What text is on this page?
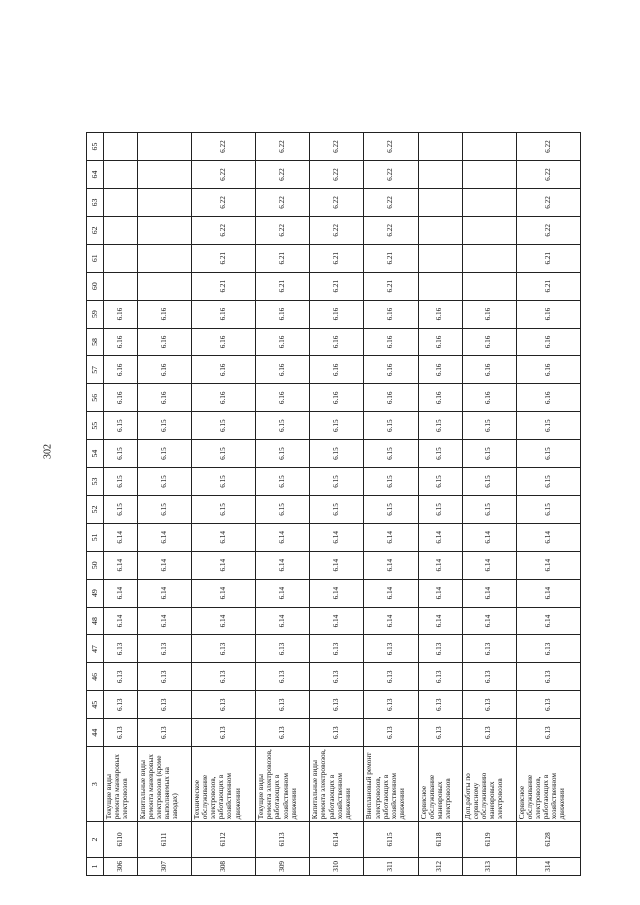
302
1	2	3	44	45	46	47	48	49	50	51	52	53	54	55	56	57	58	59	60	61	62	63	64	65
306	6110	Текущие виды ремонта маневровых электровозов	6.13	6.13	6.13	6.13	6.14	6.14	6.14	6.14	6.15	6.15	6.15	6.15	6.16	6.16	6.16	6.16						
307	6111	Капитальные виды ремонта маневровых электровозов (кроме выполняемых на заводах)	6.13	6.13	6.13	6.13	6.14	6.14	6.14	6.14	6.15	6.15	6.15	6.15	6.16	6.16	6.16	6.16						
308	6112	Техническое обслуживание электровозов, работающих в хозяйственном движении	6.13	6.13	6.13	6.13	6.14	6.14	6.14	6.14	6.15	6.15	6.15	6.15	6.16	6.16	6.16	6.16	6.21	6.21	6.22	6.22	6.22	6.22
309	6113	Текущие виды ремонта электровозов, работающих в хозяйственном движении	6.13	6.13	6.13	6.13	6.14	6.14	6.14	6.14	6.15	6.15	6.15	6.15	6.16	6.16	6.16	6.16	6.21	6.21	6.22	6.22	6.22	6.22
310	6114	Капитальные виды ремонта электровозов, работающих в хозяйственном движении	6.13	6.13	6.13	6.13	6.14	6.14	6.14	6.14	6.15	6.15	6.15	6.15	6.16	6.16	6.16	6.16	6.21	6.21	6.22	6.22	6.22	6.22
311	6115	Внеплановый ремонт электровозов, работающих в хозяйственном движении	6.13	6.13	6.13	6.13	6.14	6.14	6.14	6.14	6.15	6.15	6.15	6.15	6.16	6.16	6.16	6.16	6.21	6.21	6.22	6.22	6.22	6.22
312	6118	Сервисное обслуживание маневровых электровозов	6.13	6.13	6.13	6.13	6.14	6.14	6.14	6.14	6.15	6.15	6.15	6.15	6.16	6.16	6.16	6.16						
313	6119	Доп.работы по сервисному обслуживанию маневровых электровозов	6.13	6.13	6.13	6.13	6.14	6.14	6.14	6.14	6.15	6.15	6.15	6.15	6.16	6.16	6.16	6.16						
314	6128	Сервисное обслуживание электровозов, работающих в хозяйственном движении	6.13	6.13	6.13	6.13	6.14	6.14	6.14	6.14	6.15	6.15	6.15	6.15	6.16	6.16	6.16	6.16	6.21	6.21	6.22	6.22	6.22	6.22
